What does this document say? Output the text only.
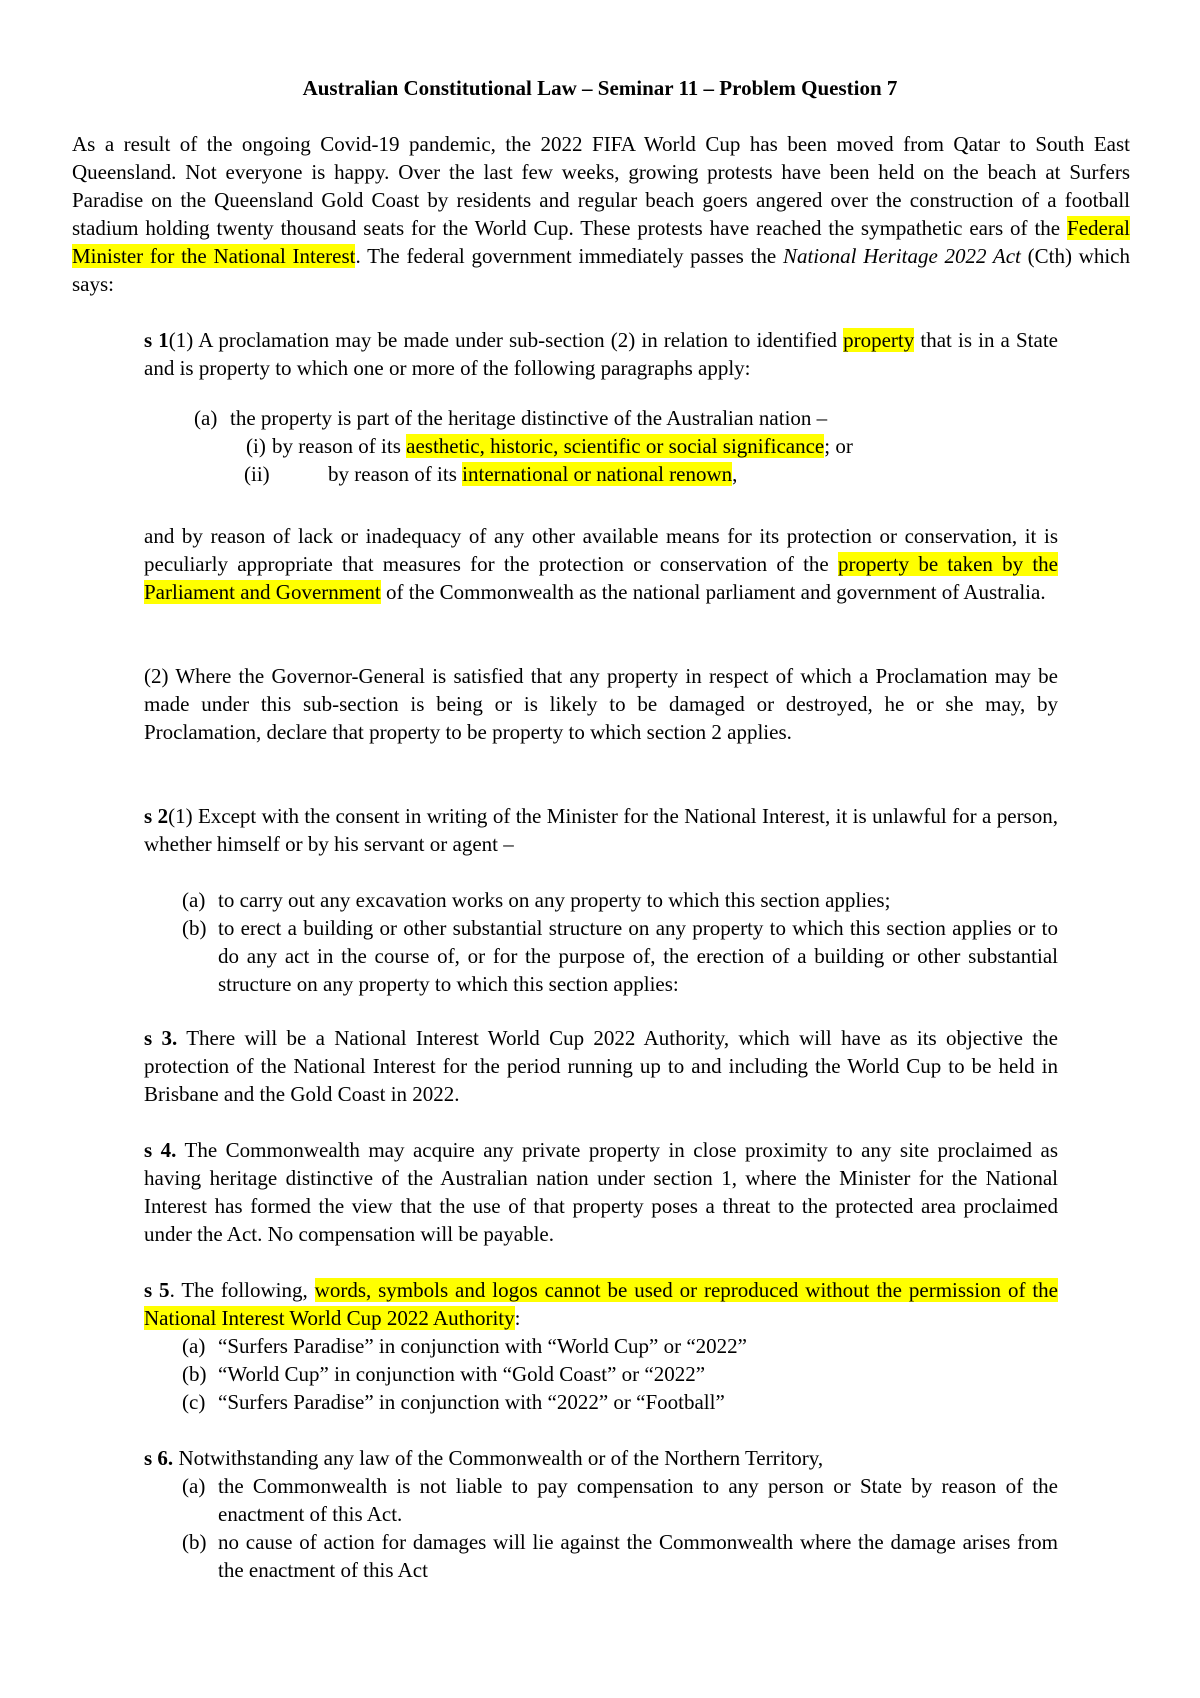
Australian Constitutional Law – Seminar 11 – Problem Question 7

As a result of the ongoing Covid-19 pandemic, the 2022 FIFA World Cup has been moved from Qatar to South East Queensland. Not everyone is happy. Over the last few weeks, growing protests have been held on the beach at Surfers Paradise on the Queensland Gold Coast by residents and regular beach goers angered over the construction of a football stadium holding twenty thousand seats for the World Cup. These protests have reached the sympathetic ears of the Federal Minister for the National Interest. The federal government immediately passes the National Heritage 2022 Act (Cth) which says:

s 1(1) A proclamation may be made under sub-section (2) in relation to identified property that is in a State and is property to which one or more of the following paragraphs apply:

(a) the property is part of the heritage distinctive of the Australian nation –
(i) by reason of its aesthetic, historic, scientific or social significance; or
(ii)	by reason of its international or national renown,

and by reason of lack or inadequacy of any other available means for its protection or conservation, it is peculiarly appropriate that measures for the protection or conservation of the property be taken by the Parliament and Government of the Commonwealth as the national parliament and government of Australia.

(2) Where the Governor-General is satisfied that any property in respect of which a Proclamation may be made under this sub-section is being or is likely to be damaged or destroyed, he or she may, by Proclamation, declare that property to be property to which section 2 applies.

s 2(1) Except with the consent in writing of the Minister for the National Interest, it is unlawful for a person, whether himself or by his servant or agent –

(a) to carry out any excavation works on any property to which this section applies;
(b) to erect a building or other substantial structure on any property to which this section applies or to do any act in the course of, or for the purpose of, the erection of a building or other substantial structure on any property to which this section applies:

s 3. There will be a National Interest World Cup 2022 Authority, which will have as its objective the protection of the National Interest for the period running up to and including the World Cup to be held in Brisbane and the Gold Coast in 2022.

s 4. The Commonwealth may acquire any private property in close proximity to any site proclaimed as having heritage distinctive of the Australian nation under section 1, where the Minister for the National Interest has formed the view that the use of that property poses a threat to the protected area proclaimed under the Act. No compensation will be payable.

s 5. The following, words, symbols and logos cannot be used or reproduced without the permission of the National Interest World Cup 2022 Authority:

(a) “Surfers Paradise” in conjunction with “World Cup” or “2022”
(b) “World Cup” in conjunction with “Gold Coast” or “2022”
(c) “Surfers Paradise” in conjunction with “2022” or “Football”

s 6. Notwithstanding any law of the Commonwealth or of the Northern Territory,

(a) the Commonwealth is not liable to pay compensation to any person or State by reason of the enactment of this Act.
(b) no cause of action for damages will lie against the Commonwealth where the damage arises from the enactment of this Act
